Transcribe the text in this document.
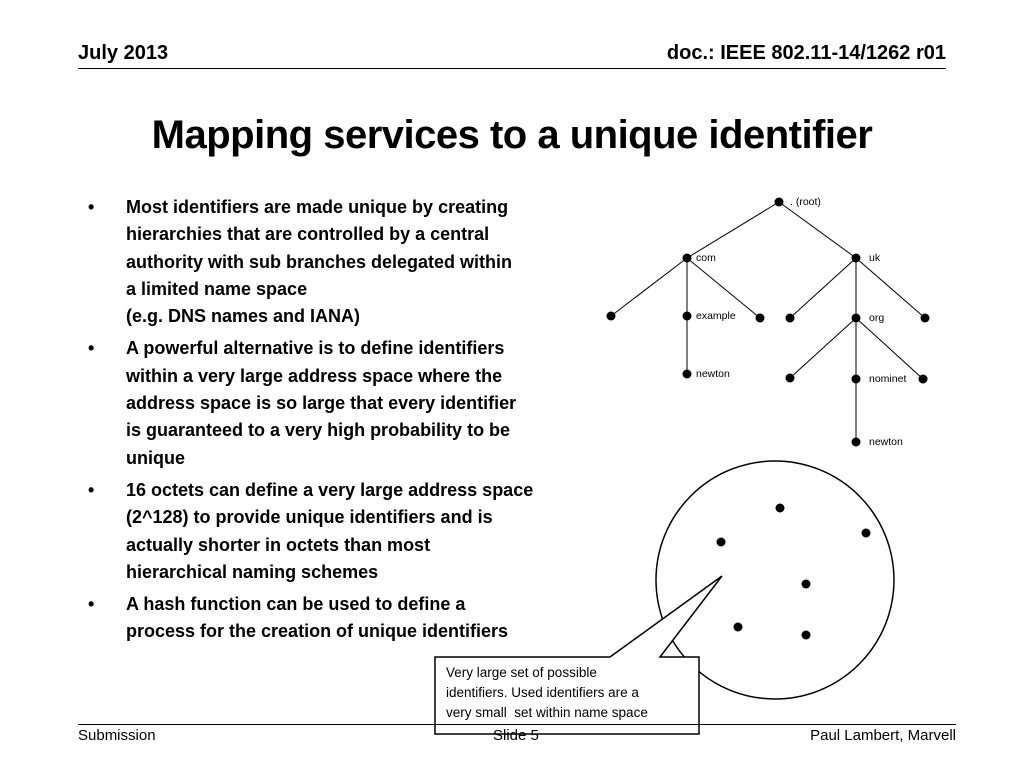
July 2013	doc.: IEEE 802.11-14/1262 r01
Mapping services to a unique identifier
• Most identifiers are made unique by creating
hierarchies that are controlled by a central
authority with sub branches delegated within
a limited name space
(e.g. DNS names and IANA)
• A powerful alternative is to define identifiers
within a very large address space where the
address space is so large that every identifier
is guaranteed to a very high probability to be
unique
• 16 octets can define a very large address space
(2^128) to provide unique identifiers and is
actually shorter in octets than most
hierarchical naming schemes
• A hash function can be used to define a
process for the creation of unique identifiers
. (root)
com	uk
example	org
newton	nominet
newton
Very large set of possible
identifiers. Used identifiers are a
very small  set within name space
Submission	Slide 5	Paul Lambert, Marvell
